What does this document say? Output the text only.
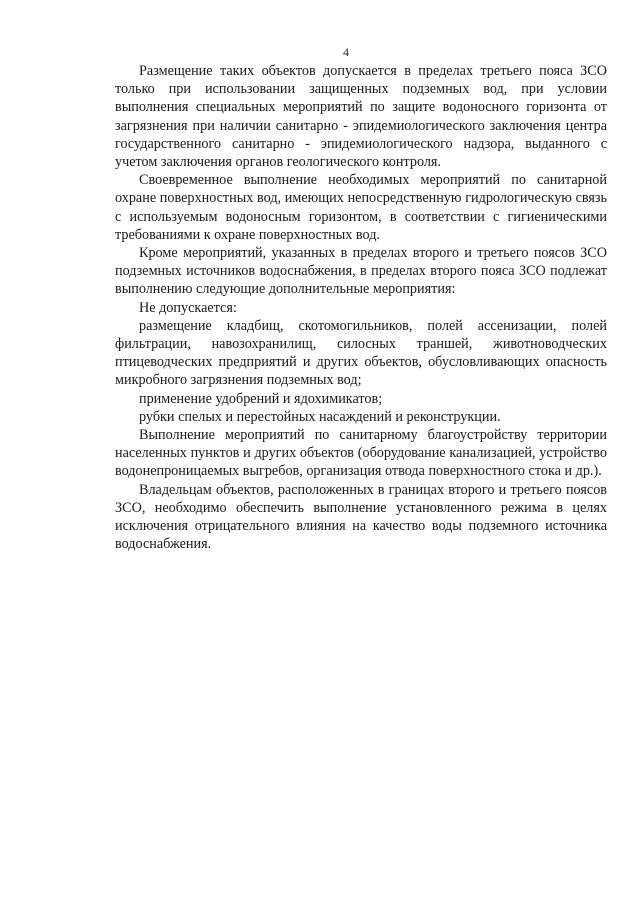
4

Размещение таких объектов допускается в пределах третьего пояса ЗСО только при использовании защищенных подземных вод, при условии выполнения специальных мероприятий по защите водоносного горизонта от загрязнения при наличии санитарно - эпидемиологического заключения центра государственного санитарно - эпидемиологического надзора, выданного с учетом заключения органов геологического контроля.

Своевременное выполнение необходимых мероприятий по санитарной охране поверхностных вод, имеющих непосредственную гидрологическую связь с используемым водоносным горизонтом, в соответствии с гигиеническими требованиями к охране поверхностных вод.

Кроме мероприятий, указанных в пределах второго и третьего поясов ЗСО подземных источников водоснабжения, в пределах второго пояса ЗСО подлежат выполнению следующие дополнительные мероприятия:

Не допускается:

размещение кладбищ, скотомогильников, полей ассенизации, полей фильтрации, навозохранилищ, силосных траншей, животноводческих птицеводческих предприятий и других объектов, обусловливающих опасность микробного загрязнения подземных вод;

применение удобрений и ядохимикатов;

рубки спелых и перестойных насаждений и реконструкции.

Выполнение мероприятий по санитарному благоустройству территории населенных пунктов и других объектов (оборудование канализацией, устройство водонепроницаемых выгребов, организация отвода поверхностного стока и др.).

Владельцам объектов, расположенных в границах второго и третьего поясов ЗСО, необходимо обеспечить выполнение установленного режима в целях исключения отрицательного влияния на качество воды подземного источника водоснабжения.
